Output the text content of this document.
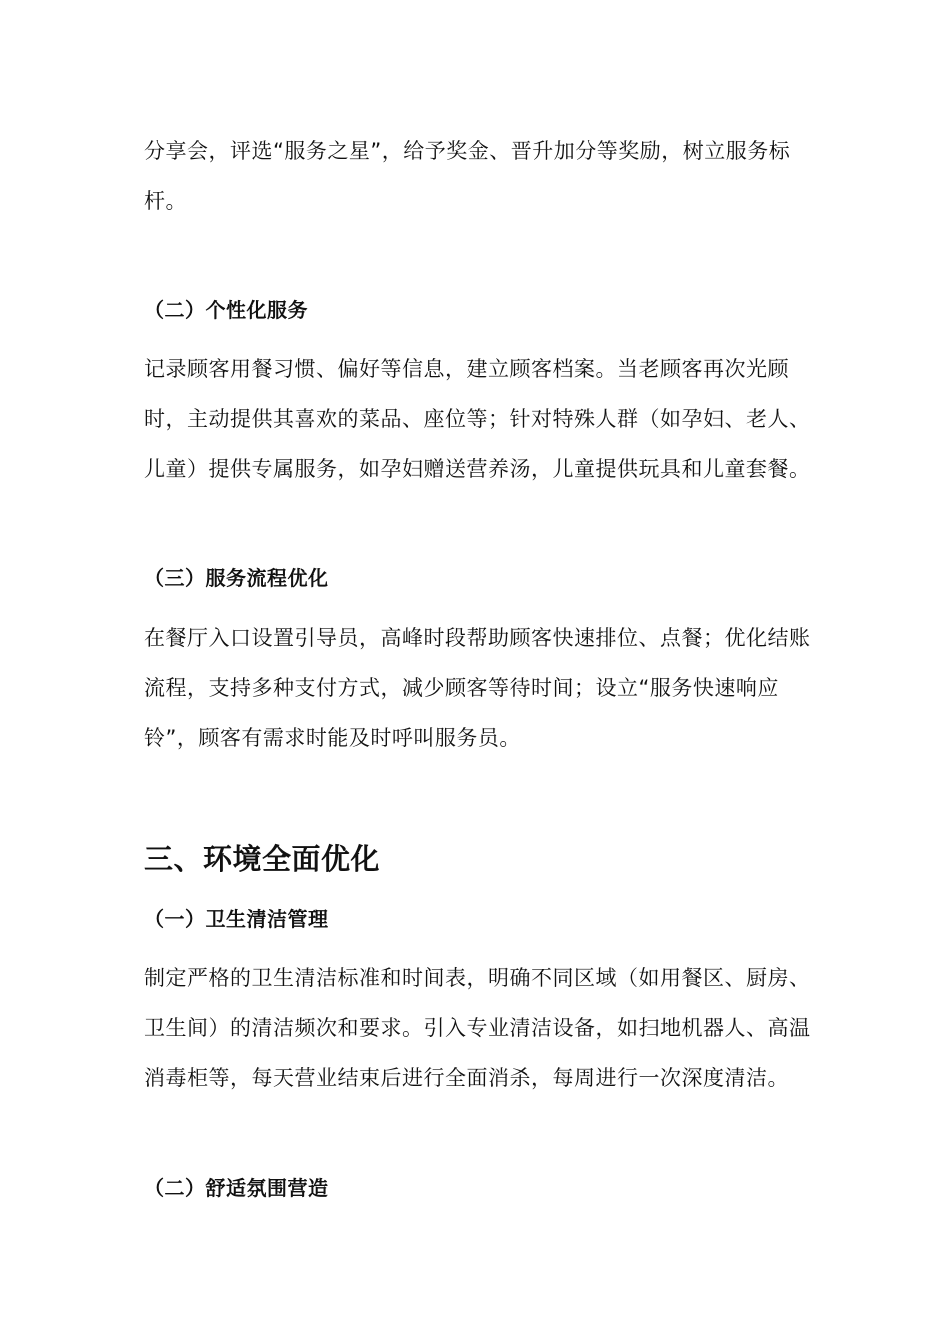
分享会，评选“服务之星”，给予奖金、晋升加分等奖励，树立服务标杆。

（二）个性化服务

记录顾客用餐习惯、偏好等信息，建立顾客档案。当老顾客再次光顾时，主动提供其喜欢的菜品、座位等；针对特殊人群（如孕妇、老人、儿童）提供专属服务，如孕妇赠送营养汤，儿童提供玩具和儿童套餐。

（三）服务流程优化

在餐厅入口设置引导员，高峰时段帮助顾客快速排位、点餐；优化结账流程，支持多种支付方式，减少顾客等待时间；设立“服务快速响应铃”，顾客有需求时能及时呼叫服务员。

三、环境全面优化
（一）卫生清洁管理

制定严格的卫生清洁标准和时间表，明确不同区域（如用餐区、厨房、卫生间）的清洁频次和要求。引入专业清洁设备，如扫地机器人、高温消毒柜等，每天营业结束后进行全面消杀，每周进行一次深度清洁。

（二）舒适氛围营造
